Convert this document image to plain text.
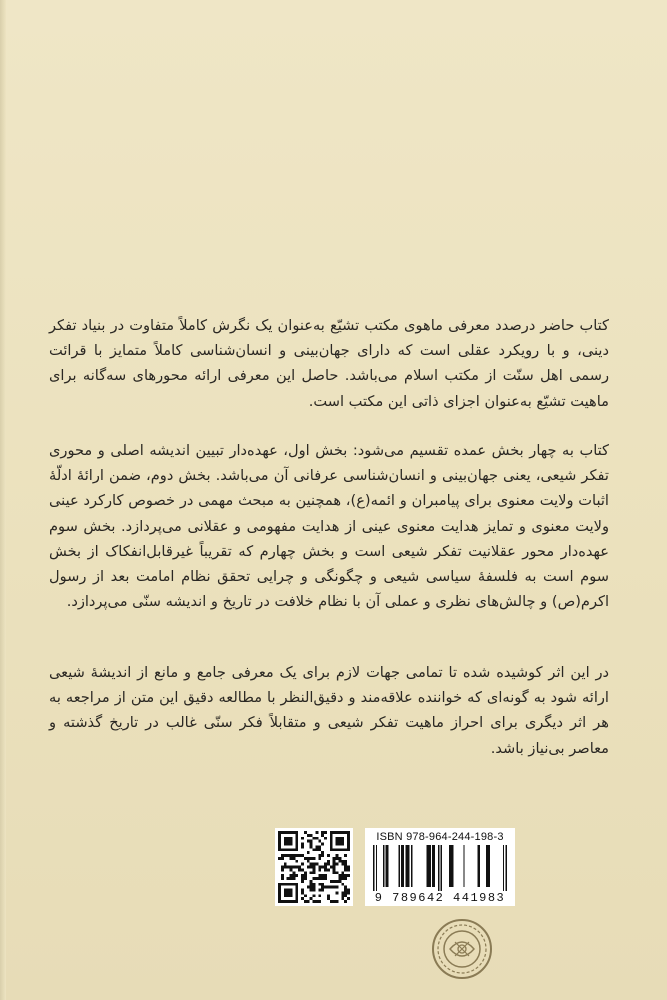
کتاب حاضر درصدد معرفی ماهوی مکتب تشیّع به‌عنوان یک نگرش کاملاً متفاوت در بنیاد تفکر دینی، و با رویکرد عقلی است که دارای جهان‌بینی و انسان‌شناسی کاملاً متمایز با قرائت رسمی اهل سنّت از مکتب اسلام می‌باشد. حاصل این معرفی ارائه محورهای سه‌گانه برای ماهیت تشیّع به‌عنوان اجزای ذاتی این مکتب است.

کتاب به چهار بخش عمده تقسیم می‌شود: بخش اول، عهده‌دار تبیین اندیشه اصلی و محوری تفکر شیعی، یعنی جهان‌بینی و انسان‌شناسی عرفانی آن می‌باشد. بخش دوم، ضمن ارائهٔ ادلّهٔ اثبات ولایت معنوی برای پیامبران و ائمه(ع)، همچنین به مبحث مهمی در خصوص کارکرد عینی ولایت معنوی و تمایز هدایت معنوی عینی از هدایت مفهومی و عقلانی می‌پردازد. بخش سوم عهده‌دار محور عقلانیت تفکر شیعی است و بخش چهارم که تقریباً غیرقابل‌انفکاک از بخش سوم است به فلسفهٔ سیاسی شیعی و چگونگی و چرایی تحقق نظام امامت بعد از رسول اکرم(ص) و چالش‌های نظری و عملی آن با نظام خلافت در تاریخ و اندیشه سنّی می‌پردازد.

در این اثر کوشیده شده تا تمامی جهات لازم برای یک معرفی جامع و مانع از اندیشهٔ شیعی ارائه شود به گونه‌ای که خواننده علاقه‌مند و دقیق‌النظر با مطالعه دقیق این متن از مراجعه به هر اثر دیگری برای احراز ماهیت تفکر شیعی و متقابلاً فکر سنّی غالب در تاریخ گذشته و معاصر بی‌نیاز باشد.

ISBN 978-964-244-198-3
9 789642 441983
